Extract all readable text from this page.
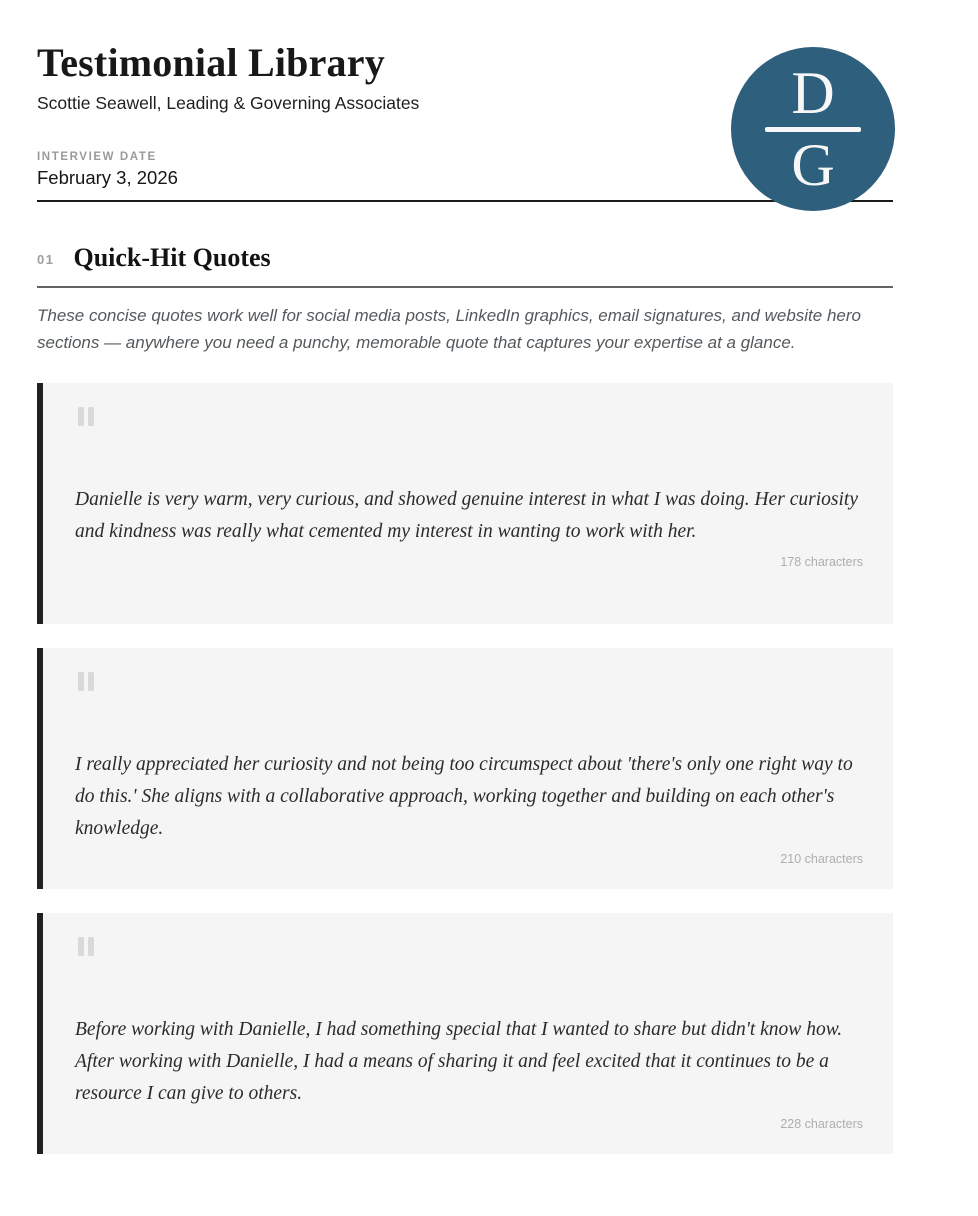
Testimonial Library
Scottie Seawell, Leading & Governing Associates	D
G
INTERVIEW DATE
February 3, 2026
01 Quick-Hit Quotes

These concise quotes work well for social media posts, LinkedIn graphics, email signatures, and website hero sections — anywhere you need a punchy, memorable quote that captures your expertise at a glance.

Danielle is very warm, very curious, and showed genuine interest in what I was doing. Her curiosity and kindness was really what cemented my interest in wanting to work with her.
178 characters
I really appreciated her curiosity and not being too circumspect about 'there's only one right way to do this.' She aligns with a collaborative approach, working together and building on each other's knowledge.
210 characters
Before working with Danielle, I had something special that I wanted to share but didn't know how. After working with Danielle, I had a means of sharing it and feel excited that it continues to be a resource I can give to others.
228 characters
